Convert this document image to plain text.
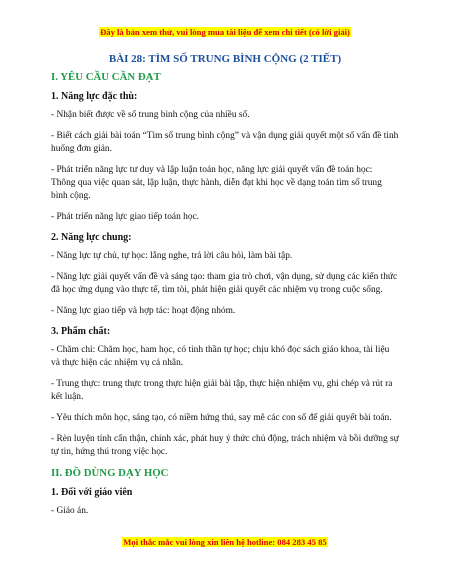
Đây là bản xem thử, vui lòng mua tài liệu để xem chi tiết (có lời giải)
BÀI 28: TÌM SỐ TRUNG BÌNH CỘNG (2 TIẾT)
I. YÊU CẦU CẦN ĐẠT
1. Năng lực đặc thù:
- Nhận biết được về số trung bình cộng của nhiều số.
- Biết cách giải bài toán “Tìm số trung bình cộng” và vận dụng giải quyết một số vấn đề tình huống đơn giản.
- Phát triển năng lực tư duy và lập luận toán học, năng lực giải quyết vấn đề toán học: Thông qua việc quan sát, lập luận, thực hành, diễn đạt khi học về dạng toán tìm số trung bình cộng.
- Phát triển năng lực giao tiếp toán học.
2. Năng lực chung:
- Năng lực tự chủ, tự học: lắng nghe, trả lời câu hỏi, làm bài tập.
- Năng lực giải quyết vấn đề và sáng tạo: tham gia trò chơi, vận dụng, sử dụng các kiến thức đã học ứng dụng vào thực tế, tìm tòi, phát hiện giải quyết các nhiệm vụ trong cuộc sống.
- Năng lực giao tiếp và hợp tác: hoạt động nhóm.
3. Phẩm chất:
- Chăm chỉ: Chăm học, ham học, có tinh thần tự học; chịu khó đọc sách giáo khoa, tài liệu và thực hiện các nhiệm vụ cá nhân.
- Trung thực: trung thực trong thực hiện giải bài tập, thực hiện nhiệm vụ, ghi chép và rút ra kết luận.
- Yêu thích môn học, sáng tạo, có niềm hứng thú, say mê các con số để giải quyết bài toán.
- Rèn luyện tính cẩn thận, chính xác, phát huy ý thức chủ động, trách nhiệm và bồi dưỡng sự tự tin, hứng thú trong việc học.
II. ĐỒ DÙNG DẠY HỌC
1. Đối với giáo viên
- Giáo án.
Mọi thắc mắc vui lòng xin liên hệ hotline: 084 283 45 85
